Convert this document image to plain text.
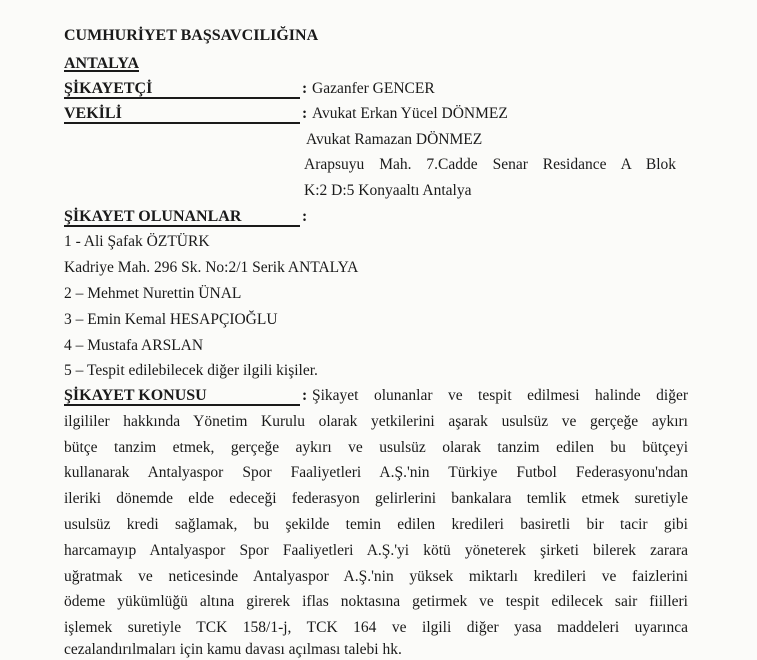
CUMHURİYET BAŞSAVCILIĞINA
ANTALYA
ŞİKAYETÇİ	: Gazanfer GENCER
VEKİLİ	: Avukat Erkan Yücel DÖNMEZ
Avukat Ramazan DÖNMEZ
Arapsuyu Mah. 7.Cadde Senar Residance A Blok
K:2 D:5 Konyaaltı Antalya
ŞİKAYET OLUNANLAR	:
1 - Ali Şafak ÖZTÜRK
Kadriye Mah. 296 Sk. No:2/1 Serik ANTALYA
2 – Mehmet Nurettin ÜNAL
3 – Emin Kemal HESAPÇIOĞLU
4 – Mustafa ARSLAN
5 – Tespit edilebilecek diğer ilgili kişiler.
ŞİKAYET KONUSU	: Şikayet olunanlar ve tespit edilmesi halinde diğer
ilgililer hakkında Yönetim Kurulu olarak yetkilerini aşarak usulsüz ve gerçeğe aykırı
bütçe tanzim etmek, gerçeğe aykırı ve usulsüz olarak tanzim edilen bu bütçeyi
kullanarak Antalyaspor Spor Faaliyetleri A.Ş.'nin Türkiye Futbol Federasyonu'ndan
ileriki dönemde elde edeceği federasyon gelirlerini bankalara temlik etmek suretiyle
usulsüz kredi sağlamak, bu şekilde temin edilen kredileri basiretli bir tacir gibi
harcamayıp Antalyaspor Spor Faaliyetleri A.Ş.'yi kötü yöneterek şirketi bilerek zarara
uğratmak ve neticesinde Antalyaspor A.Ş.'nin yüksek miktarlı kredileri ve faizlerini
ödeme yükümlüğü altına girerek iflas noktasına getirmek ve tespit edilecek sair fiilleri
işlemek suretiyle TCK 158/1-j, TCK 164 ve ilgili diğer yasa maddeleri uyarınca
cezalandırılmaları için kamu davası açılması talebi hk.
